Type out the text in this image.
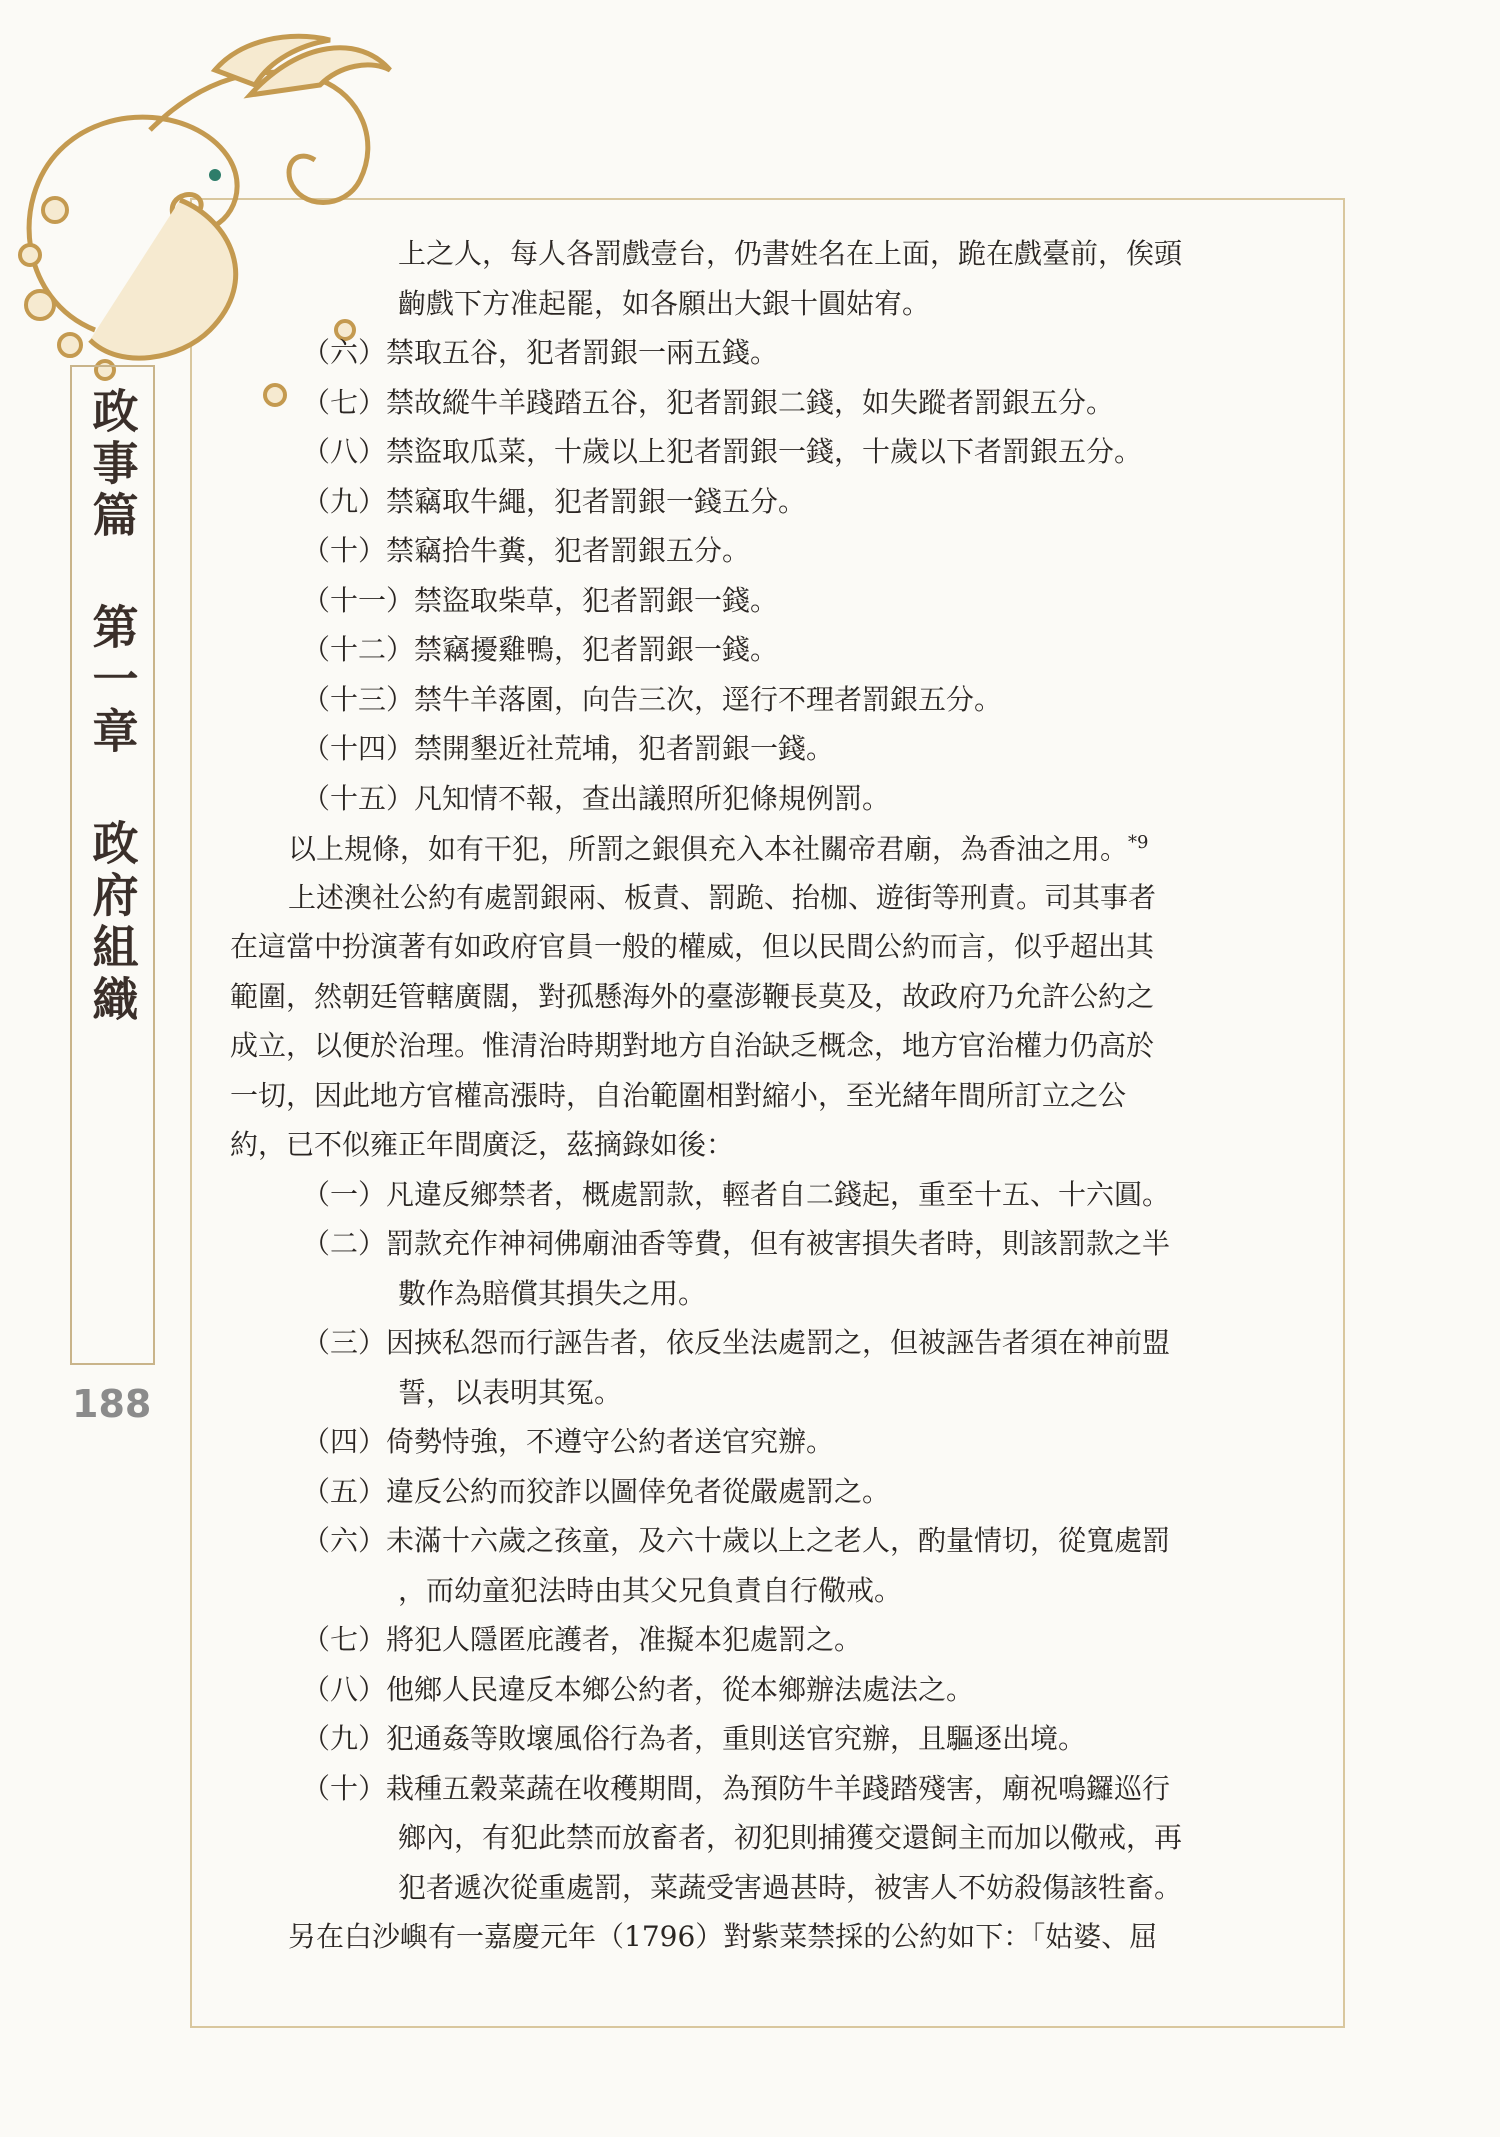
政事篇 第一章 政府組織
188
上之人，每人各罰戲壹台，仍書姓名在上面，跪在戲臺前，俟頭
齣戲下方准起罷，如各願出大銀十圓姑宥。
（六）禁取五谷，犯者罰銀一兩五錢。
（七）禁故縱牛羊踐踏五谷，犯者罰銀二錢，如失蹤者罰銀五分。
（八）禁盜取瓜菜，十歲以上犯者罰銀一錢，十歲以下者罰銀五分。
（九）禁竊取牛繩，犯者罰銀一錢五分。
（十）禁竊拾牛糞，犯者罰銀五分。
（十一）禁盜取柴草，犯者罰銀一錢。
（十二）禁竊擾雞鴨，犯者罰銀一錢。
（十三）禁牛羊落園，向告三次，逕行不理者罰銀五分。
（十四）禁開墾近社荒埔，犯者罰銀一錢。
（十五）凡知情不報，查出議照所犯條規例罰。
以上規條，如有干犯，所罰之銀俱充入本社關帝君廟，為香油之用。$^{*9}$
上述澳社公約有處罰銀兩、板責、罰跪、抬枷、遊街等刑責。司其事者
在這當中扮演著有如政府官員一般的權威，但以民間公約而言，似乎超出其
範圍，然朝廷管轄廣闊，對孤懸海外的臺澎鞭長莫及，故政府乃允許公約之
成立，以便於治理。惟清治時期對地方自治缺乏概念，地方官治權力仍高於
一切，因此地方官權高漲時，自治範圍相對縮小，至光緒年間所訂立之公
約，已不似雍正年間廣泛，茲摘錄如後：
（一）凡違反鄉禁者，概處罰款，輕者自二錢起，重至十五、十六圓。
（二）罰款充作神祠佛廟油香等費，但有被害損失者時，則該罰款之半
數作為賠償其損失之用。
（三）因挾私怨而行誣告者，依反坐法處罰之，但被誣告者須在神前盟
誓，以表明其冤。
（四）倚勢恃強，不遵守公約者送官究辦。
（五）違反公約而狡詐以圖倖免者從嚴處罰之。
（六）未滿十六歲之孩童，及六十歲以上之老人，酌量情切，從寬處罰
，而幼童犯法時由其父兄負責自行儆戒。
（七）將犯人隱匿庇護者，准擬本犯處罰之。
（八）他鄉人民違反本鄉公約者，從本鄉辦法處法之。
（九）犯通姦等敗壞風俗行為者，重則送官究辦，且驅逐出境。
（十）栽種五穀菜蔬在收穫期間，為預防牛羊踐踏殘害，廟祝鳴鑼巡行
鄉內，有犯此禁而放畜者，初犯則捕獲交還飼主而加以儆戒，再
犯者遞次從重處罰，菜蔬受害過甚時，被害人不妨殺傷該牲畜。
另在白沙嶼有一嘉慶元年（1796）對紫菜禁採的公約如下：「姑婆、屈
